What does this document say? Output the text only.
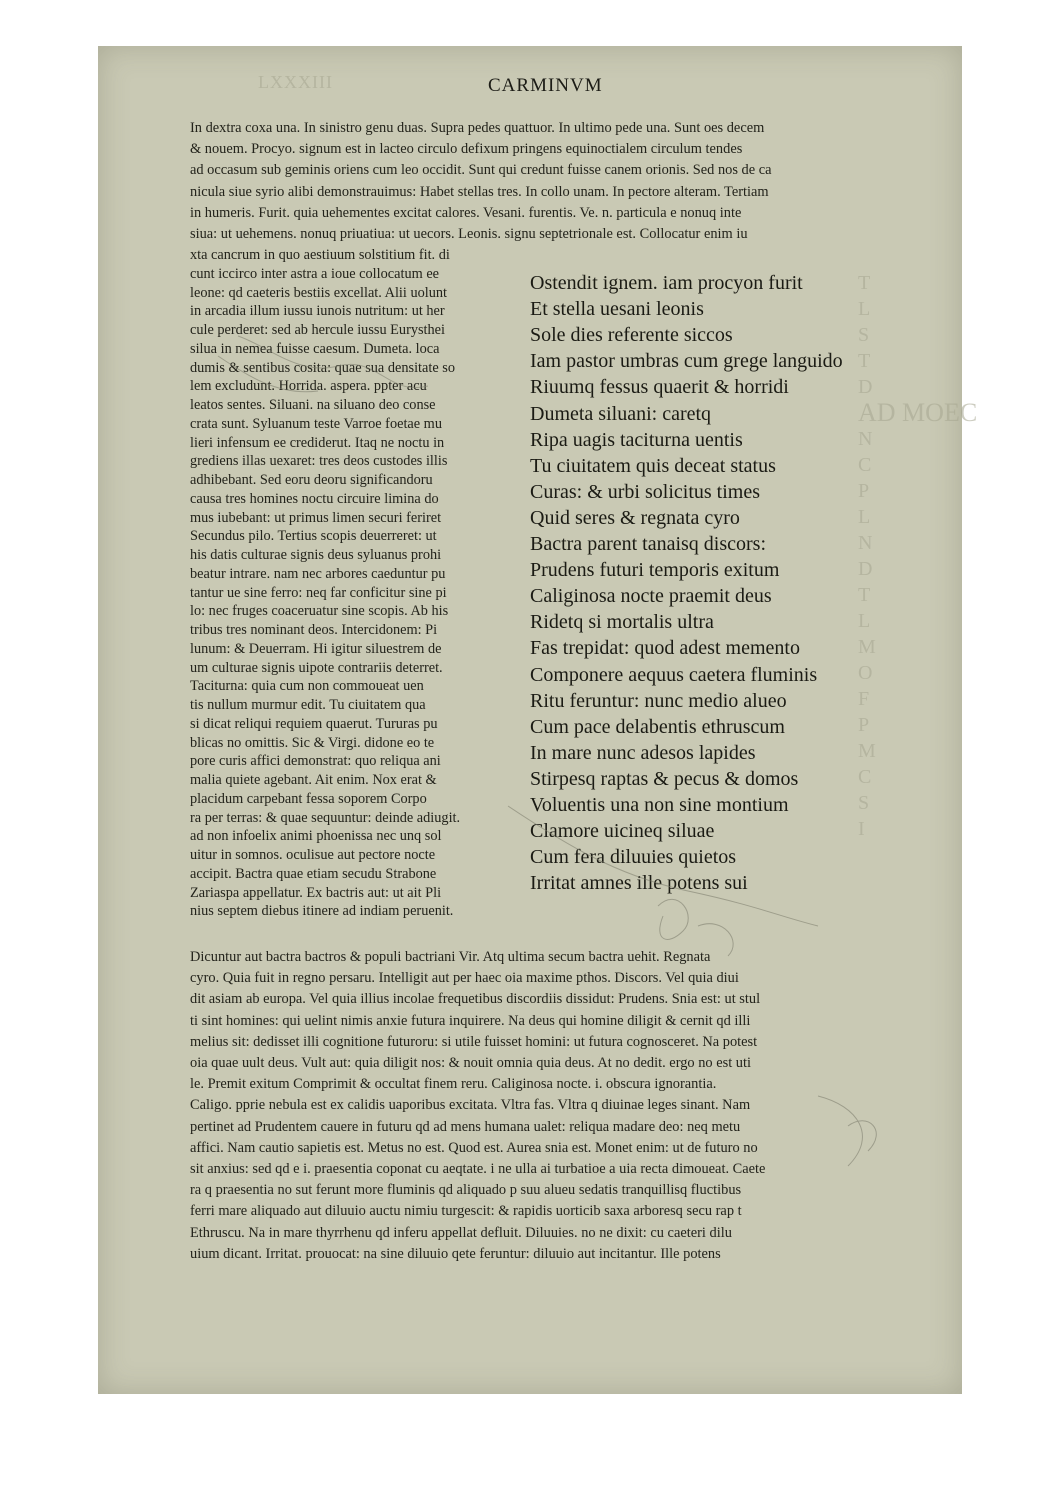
LXXXIII
T
L
S
T
D
AD MOEC
N
C
P
L
N
D
T
L
M
O
F
P
M
C
S
I
CARMINVM
In dextra coxa una. In sinistro genu duas. Supra pedes quattuor. In ultimo pede una. Sunt oes decem
& nouem. Procyo. signum est in lacteo circulo defixum pringens equinoctialem circulum tendes
ad occasum sub geminis oriens cum leo occidit. Sunt qui credunt fuisse canem orionis. Sed nos de ca
nicula siue syrio alibi demonstrauimus: Habet stellas tres. In collo unam. In pectore alteram. Tertiam
in humeris. Furit. quia uehementes excitat calores. Vesani. furentis. Ve. n. particula e nonuq inte
siua: ut uehemens. nonuq priuatiua: ut uecors. Leonis. signu septetrionale est. Collocatur enim iu
xta cancrum in quo aestiuum solstitium fit. di
cunt iccirco inter astra a ioue collocatum ee
leone: qd caeteris bestiis excellat. Alii uolunt
in arcadia illum iussu iunois nutritum: ut her
cule perderet: sed ab hercule iussu Eurysthei
silua in nemea fuisse caesum. Dumeta. loca
dumis & sentibus cosita: quae sua densitate so
lem excludunt. Horrida. aspera. ppter acu
leatos sentes. Siluani. na siluano deo conse
crata sunt. Syluanum teste Varroe foetae mu
lieri infensum ee crediderut. Itaq ne noctu in
grediens illas uexaret: tres deos custodes illis
adhibebant. Sed eoru deoru significandoru
causa tres homines noctu circuire limina do
mus iubebant: ut primus limen securi feriret
Secundus pilo. Tertius scopis deuerreret: ut
his datis culturae signis deus syluanus prohi
beatur intrare. nam nec arbores caeduntur pu
tantur ue sine ferro: neq far conficitur sine pi
lo: nec fruges coaceruatur sine scopis. Ab his
tribus tres nominant deos. Intercidonem: Pi
lunum: & Deuerram. Hi igitur siluestrem de
um culturae signis uipote contrariis deterret.
Taciturna: quia cum non commoueat uen
tis nullum murmur edit. Tu ciuitatem qua
si dicat reliqui requiem quaerut. Tururas pu
blicas no omittis. Sic & Virgi. didone eo te
pore curis affici demonstrat: quo reliqua ani
malia quiete agebant. Ait enim. Nox erat &
placidum carpebant fessa soporem Corpo
ra per terras: & quae sequuntur: deinde adiugit.
ad non infoelix animi phoenissa nec unq sol
uitur in somnos. oculisue aut pectore nocte
accipit. Bactra quae etiam secudu Strabone
Zariaspa appellatur. Ex bactris aut: ut ait Pli
nius septem diebus itinere ad indiam peruenit.
Ostendit ignem. iam procyon furit
Et stella uesani leonis
Sole dies referente siccos
Iam pastor umbras cum grege languido
Riuumq fessus quaerit & horridi
Dumeta siluani: caretq
Ripa uagis taciturna uentis
Tu ciuitatem quis deceat status
Curas: & urbi solicitus times
Quid seres & regnata cyro
Bactra parent tanaisq discors:
Prudens futuri temporis exitum
Caliginosa nocte praemit deus
Ridetq si mortalis ultra
Fas trepidat: quod adest memento
Componere aequus caetera fluminis
Ritu feruntur: nunc medio alueo
Cum pace delabentis ethruscum
In mare nunc adesos lapides
Stirpesq raptas & pecus & domos
Voluentis una non sine montium
Clamore uicineq siluae
Cum fera diluuies quietos
Irritat amnes ille potens sui
Dicuntur aut bactra bactros & populi bactriani Vir. Atq ultima secum bactra uehit. Regnata
cyro. Quia fuit in regno persaru. Intelligit aut per haec oia maxime pthos. Discors. Vel quia diui
dit asiam ab europa. Vel quia illius incolae frequetibus discordiis dissidut: Prudens. Snia est: ut stul
ti sint homines: qui uelint nimis anxie futura inquirere. Na deus qui homine diligit & cernit qd illi
melius sit: dedisset illi cognitione futuroru: si utile fuisset homini: ut futura cognosceret. Na potest
oia quae uult deus. Vult aut: quia diligit nos: & nouit omnia quia deus. At no dedit. ergo no est uti
le. Premit exitum Comprimit & occultat finem reru. Caliginosa nocte. i. obscura ignorantia.
Caligo. pprie nebula est ex calidis uaporibus excitata. Vltra fas. Vltra q diuinae leges sinant. Nam
pertinet ad Prudentem cauere in futuru qd ad mens humana ualet: reliqua madare deo: neq metu
affici. Nam cautio sapietis est. Metus no est. Quod est. Aurea snia est. Monet enim: ut de futuro no
sit anxius: sed qd e i. praesentia coponat cu aeqtate. i ne ulla ai turbatioe a uia recta dimoueat. Caete
ra q praesentia no sut ferunt more fluminis qd aliquado p suu alueu sedatis tranquillisq fluctibus
ferri mare aliquado aut diluuio auctu nimiu turgescit: & rapidis uorticib saxa arboresq secu rap t
Ethruscu. Na in mare thyrrhenu qd inferu appellat defluit. Diluuies. no ne dixit: cu caeteri dilu
uium dicant. Irritat. prouocat: na sine diluuio qete feruntur: diluuio aut incitantur. Ille potens
